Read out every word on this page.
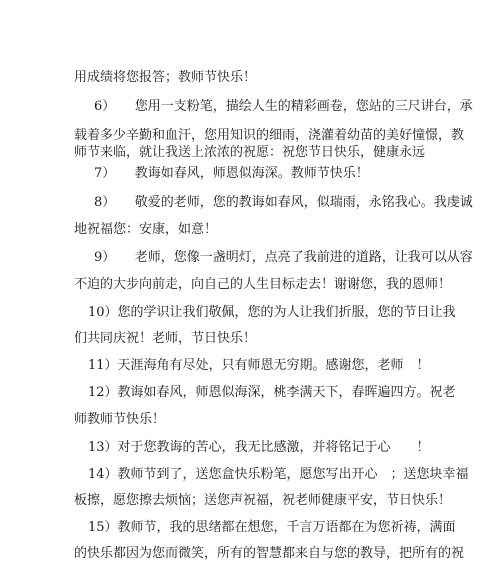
用成绩将您报答；教师节快乐！
6）　　您用一支粉笔，描绘人生的精彩画卷，您站的三尺讲台，承
载着多少辛勤和血汗，您用知识的细雨，浇灌着幼苗的美好憧憬，教
师节来临，就让我送上浓浓的祝愿：祝您节日快乐，健康永远
7）　　教诲如春风，师恩似海深。教师节快乐！
8）　　敬爱的老师，您的教诲如春风，似瑞雨，永铭我心。我虔诚
地祝福您：安康，如意！
9）　　老师，您像一盏明灯，点亮了我前进的道路，让我可以从容
不迫的大步向前走，向自己的人生目标走去！谢谢您，我的恩师！
10）您的学识让我们敬佩，您的为人让我们折服，您的节日让我
们共同庆祝！老师，节日快乐！
11）天涯海角有尽处，只有师恩无穷期。感谢您，老师　！
12）教诲如春风，师恩似海深，桃李满天下，春晖遍四方。祝老
师教师节快乐！
13）对于您教诲的苦心，我无比感激，并将铭记于心　　！
14）教师节到了，送您盒快乐粉笔，愿您写出开心　；送您块幸福
板擦，愿您擦去烦恼；送您声祝福，祝老师健康平安，节日快乐！
15）教师节，我的思绪都在想您，千言万语都在为您祈祷，满面
的快乐都因为您而微笑，所有的智慧都来自与您的教导，把所有的祝
